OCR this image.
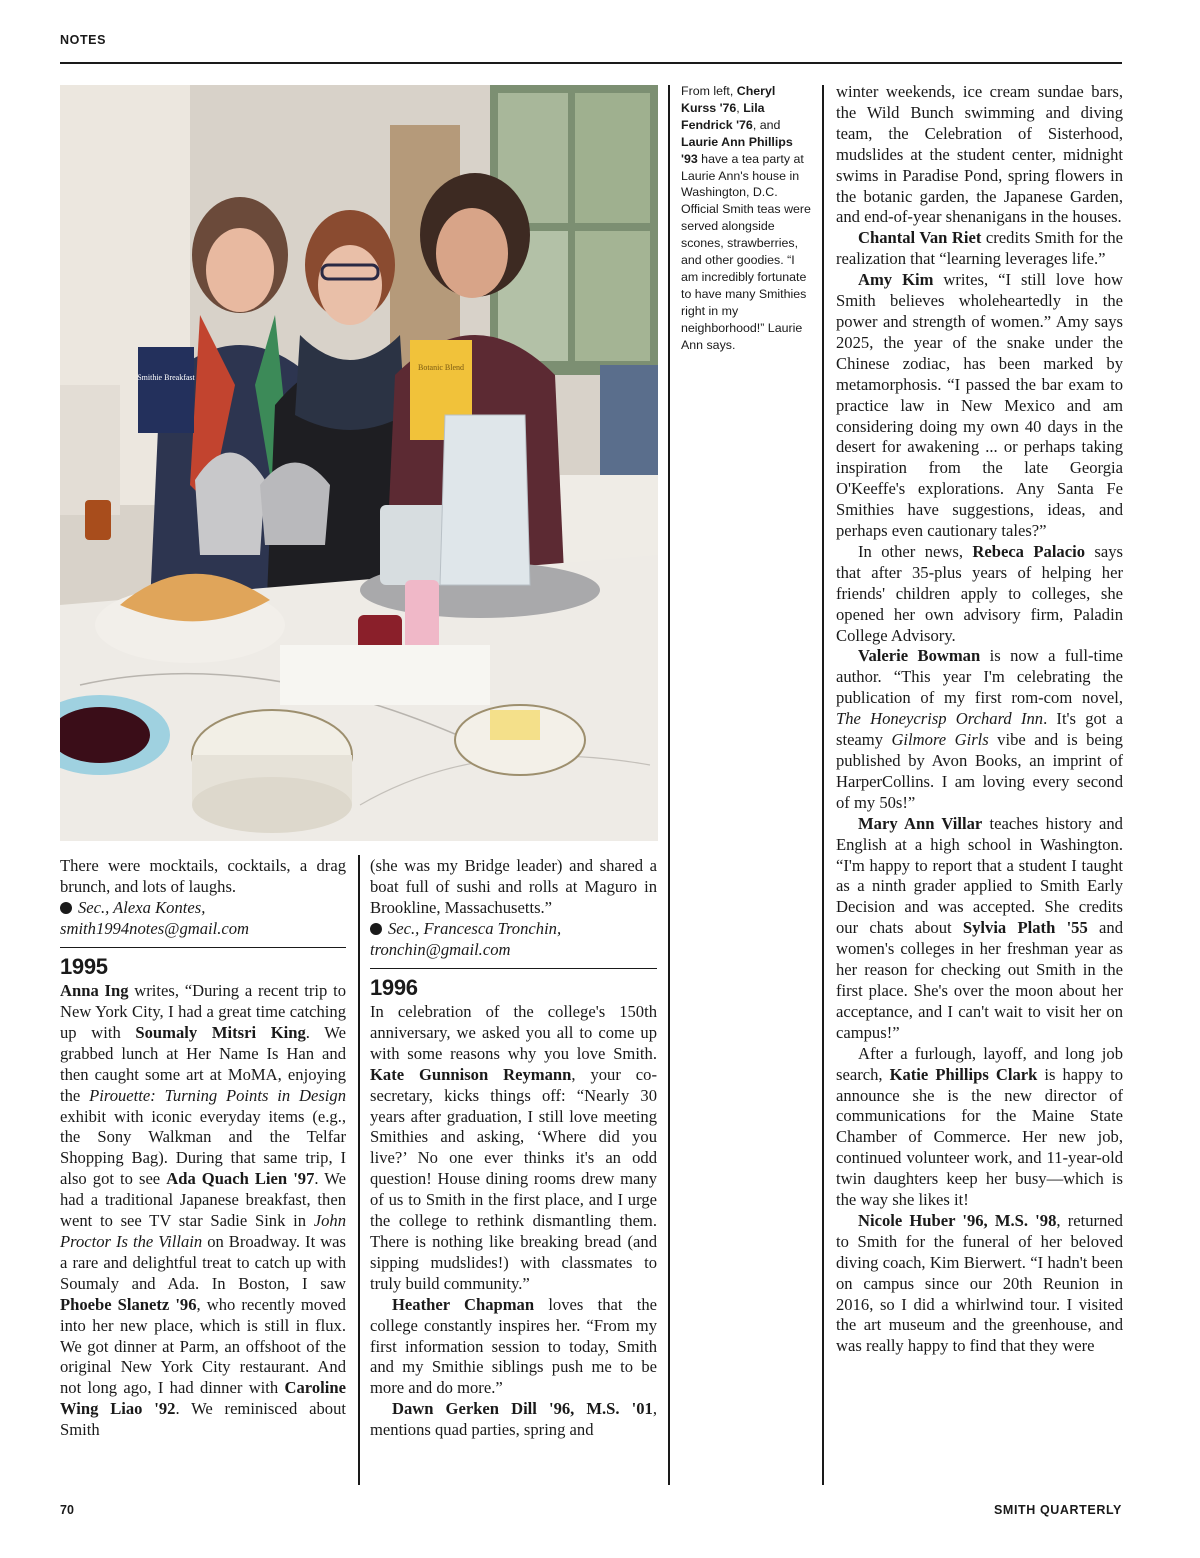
NOTES
Smithie Breakfast
Botanic Blend
From left, Cheryl Kurss '76, Lila Fendrick '76, and Laurie Ann Phillips '93 have a tea party at Laurie Ann's house in Washington, D.C. Official Smith teas were served alongside scones, strawberries, and other goodies. “I am incredibly fortunate to have many Smithies right in my neighborhood!” Laurie Ann says.

There were mocktails, cocktails, a drag brunch, and lots of laughs.

Sec., Alexa Kontes,

smith1994notes@gmail.com

1995

Anna Ing writes, “During a recent trip to New York City, I had a great time catching up with Soumaly Mitsri King. We grabbed lunch at Her Name Is Han and then caught some art at MoMA, enjoying the Pirouette: Turning Points in Design exhibit with iconic everyday items (e.g., the Sony Walkman and the Telfar Shopping Bag). During that same trip, I also got to see Ada Quach Lien '97. We had a traditional Japanese breakfast, then went to see TV star Sadie Sink in John Proctor Is the Villain on Broadway. It was a rare and delightful treat to catch up with Soumaly and Ada. In Boston, I saw Phoebe Slanetz '96, who recently moved into her new place, which is still in flux. We got dinner at Parm, an offshoot of the original New York City restaurant. And not long ago, I had dinner with Caroline Wing Liao '92. We reminisced about Smith

(she was my Bridge leader) and shared a boat full of sushi and rolls at Maguro in Brookline, Massachusetts.”

Sec., Francesca Tronchin,

tronchin@gmail.com

1996

In celebration of the college's 150th anniversary, we asked you all to come up with some reasons why you love Smith. Kate Gunnison Reymann, your co-secretary, kicks things off: “Nearly 30 years after graduation, I still love meeting Smithies and asking, ‘Where did you live?’ No one ever thinks it's an odd question! House dining rooms drew many of us to Smith in the first place, and I urge the college to rethink dismantling them. There is nothing like breaking bread (and sipping mudslides!) with classmates to truly build community.”

Heather Chapman loves that the college constantly inspires her. “From my first information session to today, Smith and my Smithie siblings push me to be more and do more.”

Dawn Gerken Dill '96, M.S. '01, mentions quad parties, spring and

winter weekends, ice cream sundae bars, the Wild Bunch swimming and diving team, the Celebration of Sisterhood, mudslides at the student center, midnight swims in Paradise Pond, spring flowers in the botanic garden, the Japanese Garden, and end-of-year shenanigans in the houses.

Chantal Van Riet credits Smith for the realization that “learning leverages life.”

Amy Kim writes, “I still love how Smith believes wholeheartedly in the power and strength of women.” Amy says 2025, the year of the snake under the Chinese zodiac, has been marked by metamorphosis. “I passed the bar exam to practice law in New Mexico and am considering doing my own 40 days in the desert for awakening ... or perhaps taking inspiration from the late Georgia O'Keeffe's explorations. Any Santa Fe Smithies have suggestions, ideas, and perhaps even cautionary tales?”

In other news, Rebeca Palacio says that after 35-plus years of helping her friends' children apply to colleges, she opened her own advisory firm, Paladin College Advisory.

Valerie Bowman is now a full-time author. “This year I'm celebrating the publication of my first rom-com novel, The Honeycrisp Orchard Inn. It's got a steamy Gilmore Girls vibe and is being published by Avon Books, an imprint of HarperCollins. I am loving every second of my 50s!”

Mary Ann Villar teaches history and English at a high school in Washington. “I'm happy to report that a student I taught as a ninth grader applied to Smith Early Decision and was accepted. She credits our chats about Sylvia Plath '55 and women's colleges in her freshman year as her reason for checking out Smith in the first place. She's over the moon about her acceptance, and I can't wait to visit her on campus!”

After a furlough, layoff, and long job search, Katie Phillips Clark is happy to announce she is the new director of communications for the Maine State Chamber of Commerce. Her new job, continued volunteer work, and 11-year-old twin daughters keep her busy—which is the way she likes it!

Nicole Huber '96, M.S. '98, returned to Smith for the funeral of her beloved diving coach, Kim Bierwert. “I hadn't been on campus since our 20th Reunion in 2016, so I did a whirlwind tour. I visited the art museum and the greenhouse, and was really happy to find that they were

70	SMITH QUARTERLY
